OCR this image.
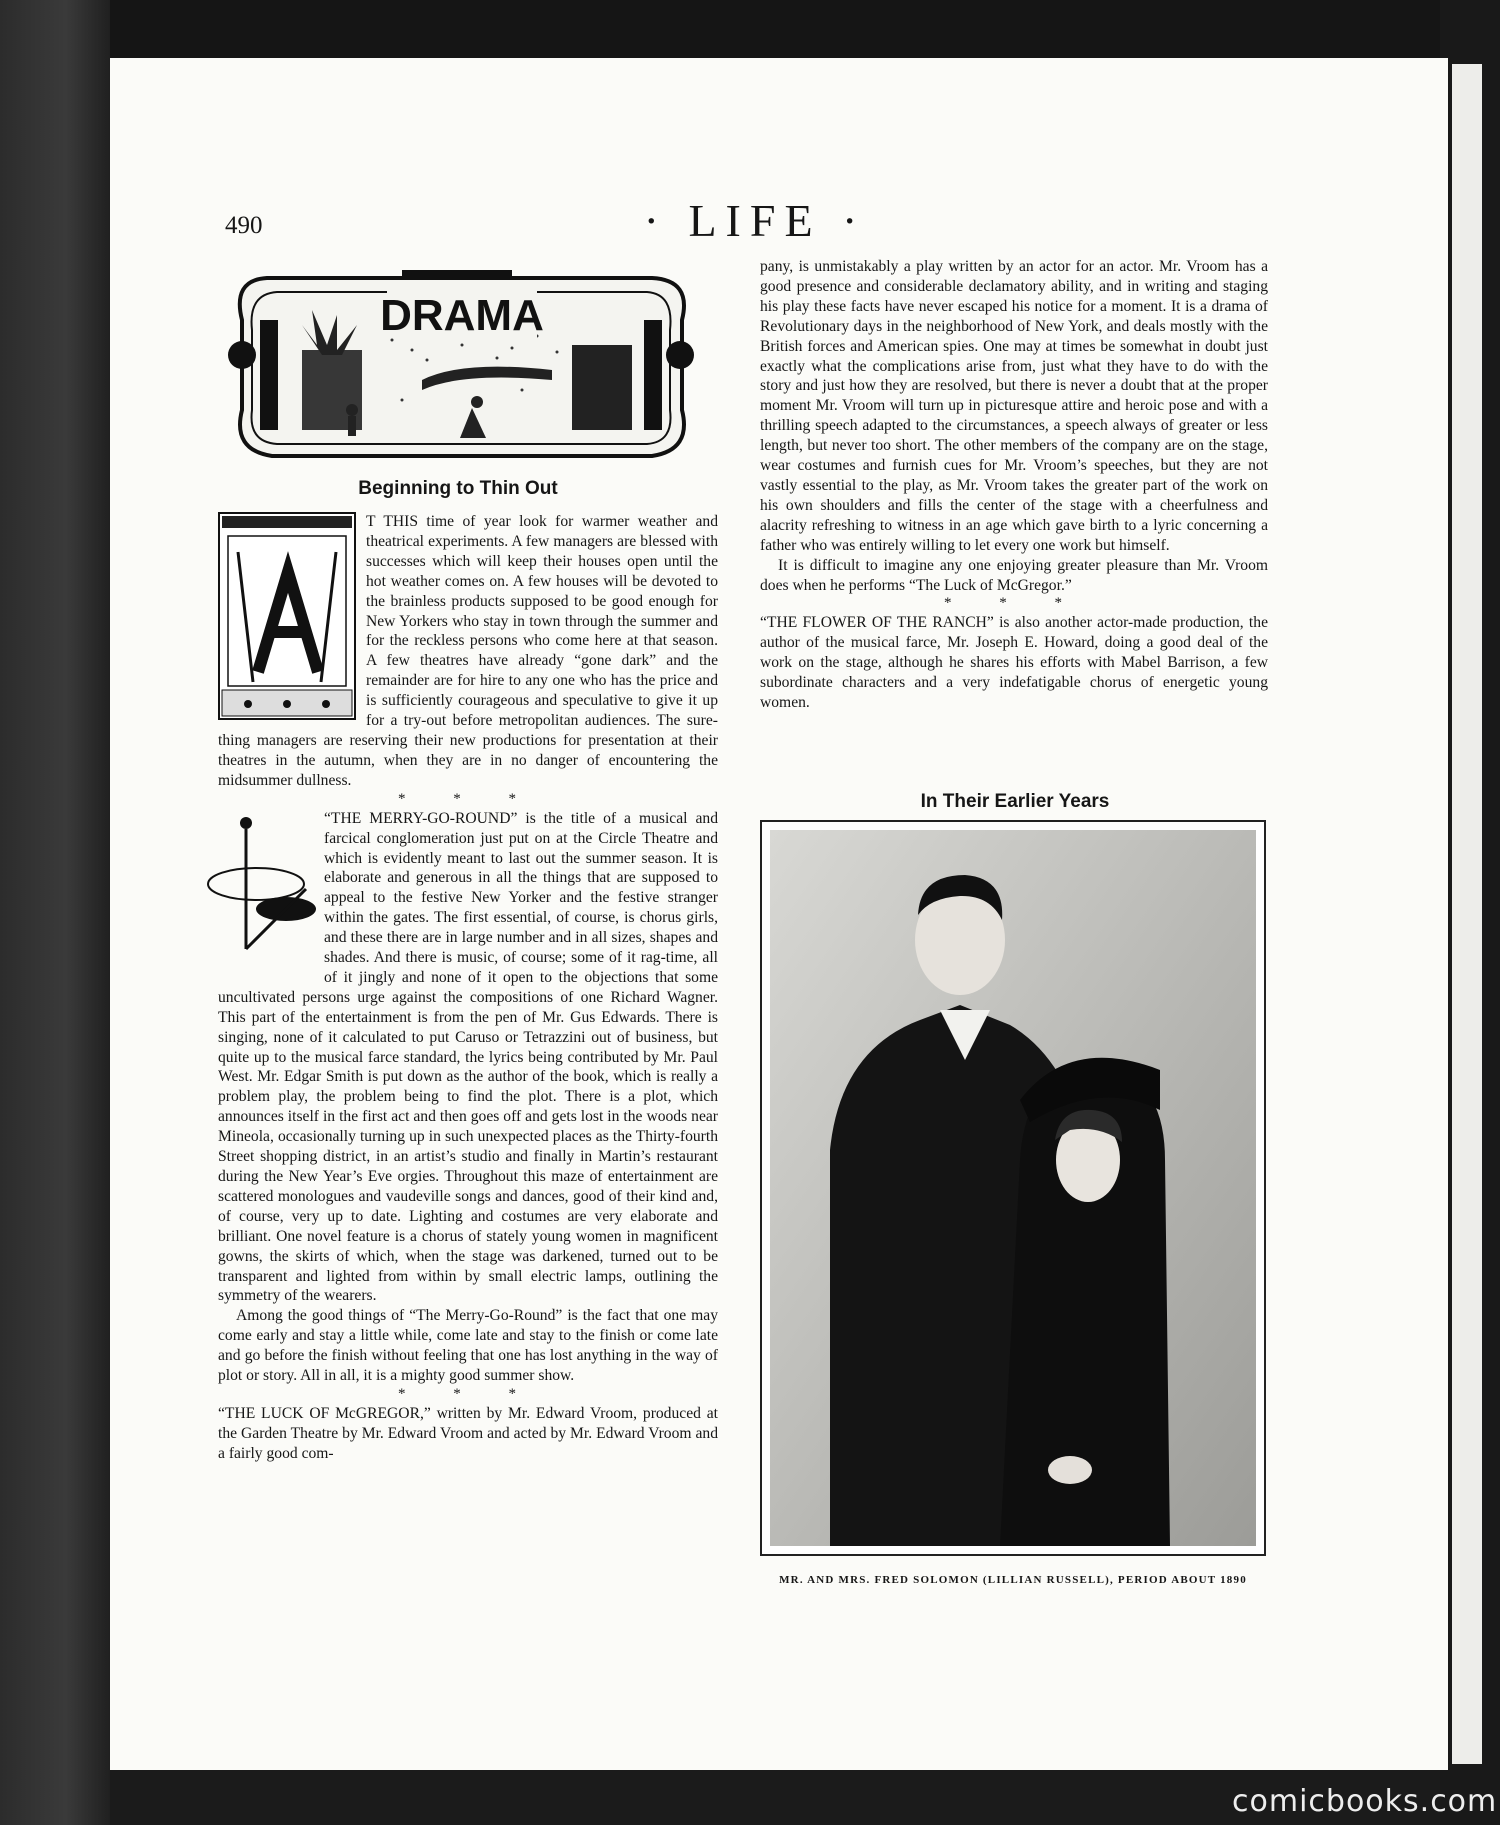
490	· LIFE ·
DRAMA
Beginning to Thin Out

T THIS time of year look for warmer weather and theatrical experiments. A few managers are blessed with successes which will keep their houses open until the hot weather comes on. A few houses will be devoted to the brainless products supposed to be good enough for New Yorkers who stay in town through the summer and for the reckless persons who come here at that season. A few theatres have already “gone dark” and the remainder are for hire to any one who has the price and is sufficiently courageous and speculative to give it up for a try-out before metropolitan audiences. The sure-thing managers are reserving their new productions for presentation at their theatres in the autumn, when they are in no danger of encountering the midsummer dullness.

* * *

“THE MERRY-GO-ROUND” is the title of a musical and farcical conglomeration just put on at the Circle Theatre and which is evidently meant to last out the summer season. It is elaborate and generous in all the things that are supposed to appeal to the festive New Yorker and the festive stranger within the gates. The first essential, of course, is chorus girls, and these there are in large number and in all sizes, shapes and shades. And there is music, of course; some of it rag-time, all of it jingly and none of it open to the objections that some uncultivated persons urge against the compositions of one Richard Wagner. This part of the entertainment is from the pen of Mr. Gus Edwards. There is singing, none of it calculated to put Caruso or Tetrazzini out of business, but quite up to the musical farce standard, the lyrics being contributed by Mr. Paul West. Mr. Edgar Smith is put down as the author of the book, which is really a problem play, the problem being to find the plot. There is a plot, which announces itself in the first act and then goes off and gets lost in the woods near Mineola, occasionally turning up in such unexpected places as the Thirty-fourth Street shopping district, in an artist’s studio and finally in Martin’s restaurant during the New Year’s Eve orgies. Throughout this maze of entertainment are scattered monologues and vaudeville songs and dances, good of their kind and, of course, very up to date. Lighting and costumes are very elaborate and brilliant. One novel feature is a chorus of stately young women in magnificent gowns, the skirts of which, when the stage was darkened, turned out to be transparent and lighted from within by small electric lamps, outlining the symmetry of the wearers.

Among the good things of “The Merry-Go-Round” is the fact that one may come early and stay a little while, come late and stay to the finish or come late and go before the finish without feeling that one has lost anything in the way of plot or story. All in all, it is a mighty good summer show.

* * *

“THE LUCK OF McGREGOR,” written by Mr. Edward Vroom, produced at the Garden Theatre by Mr. Edward Vroom and acted by Mr. Edward Vroom and a fairly good com-

pany, is unmistakably a play written by an actor for an actor. Mr. Vroom has a good presence and considerable declamatory ability, and in writing and staging his play these facts have never escaped his notice for a moment. It is a drama of Revolutionary days in the neighborhood of New York, and deals mostly with the British forces and American spies. One may at times be somewhat in doubt just exactly what the complications arise from, just what they have to do with the story and just how they are resolved, but there is never a doubt that at the proper moment Mr. Vroom will turn up in picturesque attire and heroic pose and with a thrilling speech adapted to the circumstances, a speech always of greater or less length, but never too short. The other members of the company are on the stage, wear costumes and furnish cues for Mr. Vroom’s speeches, but they are not vastly essential to the play, as Mr. Vroom takes the greater part of the work on his own shoulders and fills the center of the stage with a cheerfulness and alacrity refreshing to witness in an age which gave birth to a lyric concerning a father who was entirely willing to let every one work but himself.

It is difficult to imagine any one enjoying greater pleasure than Mr. Vroom does when he performs “The Luck of McGregor.”

* * *

“THE FLOWER OF THE RANCH” is also another actor-made production, the author of the musical farce, Mr. Joseph E. Howard, doing a good deal of the work on the stage, although he shares his efforts with Mabel Barrison, a few subordinate characters and a very indefatigable chorus of energetic young women.

In Their Earlier Years
MR. AND MRS. FRED SOLOMON (LILLIAN RUSSELL), PERIOD ABOUT 1890
comicbooks.com
